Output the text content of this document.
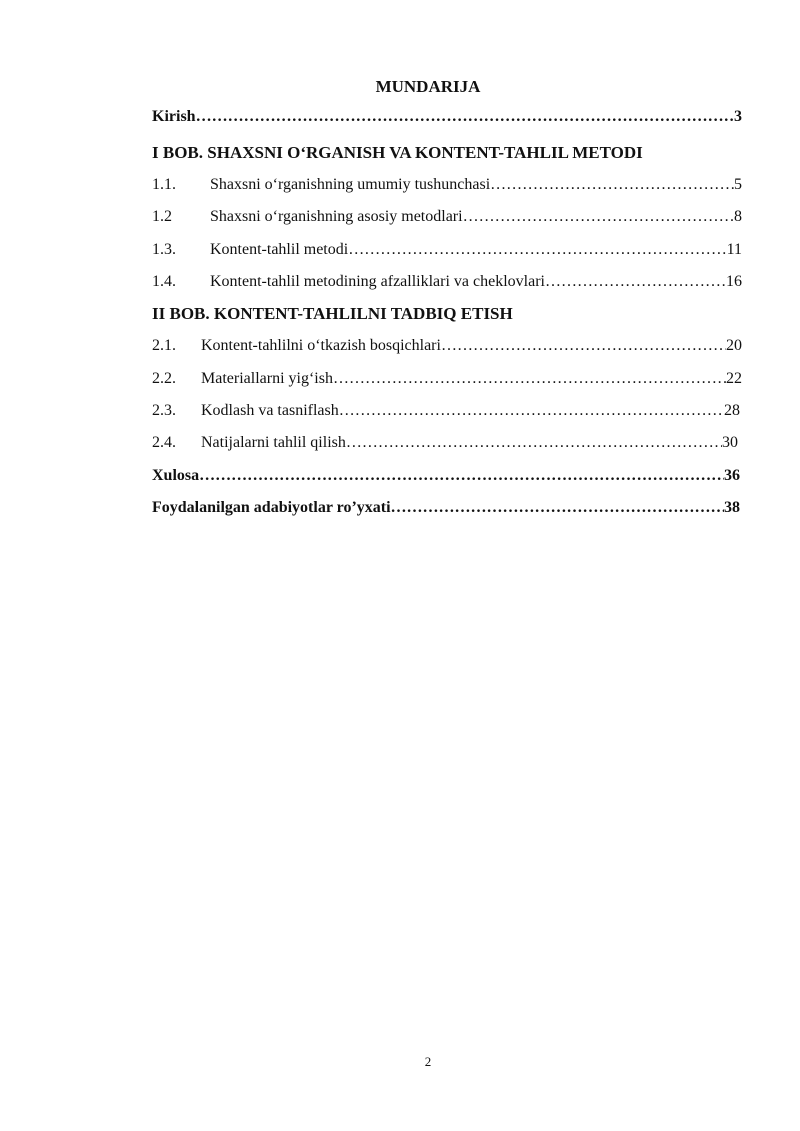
MUNDARIJA
Kirish ……………………………………………………………………………………………………………………………………………………	3
I BOB. SHAXSNI O‘RGANISH VA KONTENT-TAHLIL METODI
1.1.	Shaxsni o‘rganishning umumiy tushunchasi ……………………………………………………………………………………………………………………………………………………	5
1.2	Shaxsni o‘rganishning asosiy metodlari ……………………………………………………………………………………………………………………………………………………	8
1.3.	Kontent-tahlil metodi ……………………………………………………………………………………………………………………………………………………	11
1.4.	Kontent-tahlil metodining afzalliklari va cheklovlari ……………………………………………………………………………………………………………………………………………………	16
II BOB. KONTENT-TAHLILNI TADBIQ ETISH
2.1.	Kontent-tahlilni o‘tkazish bosqichlari ……………………………………………………………………………………………………………………………………………………	20
2.2.	Materiallarni yig‘ish ……………………………………………………………………………………………………………………………………………………	22
2.3.	Kodlash va tasniflash ……………………………………………………………………………………………………………………………………………………	28
2.4.	Natijalarni tahlil qilish ……………………………………………………………………………………………………………………………………………………	30
Xulosa ……………………………………………………………………………………………………………………………………………………	36
Foydalanilgan adabiyotlar ro’yxati ……………………………………………………………………………………………………………………………………………………	38
2
